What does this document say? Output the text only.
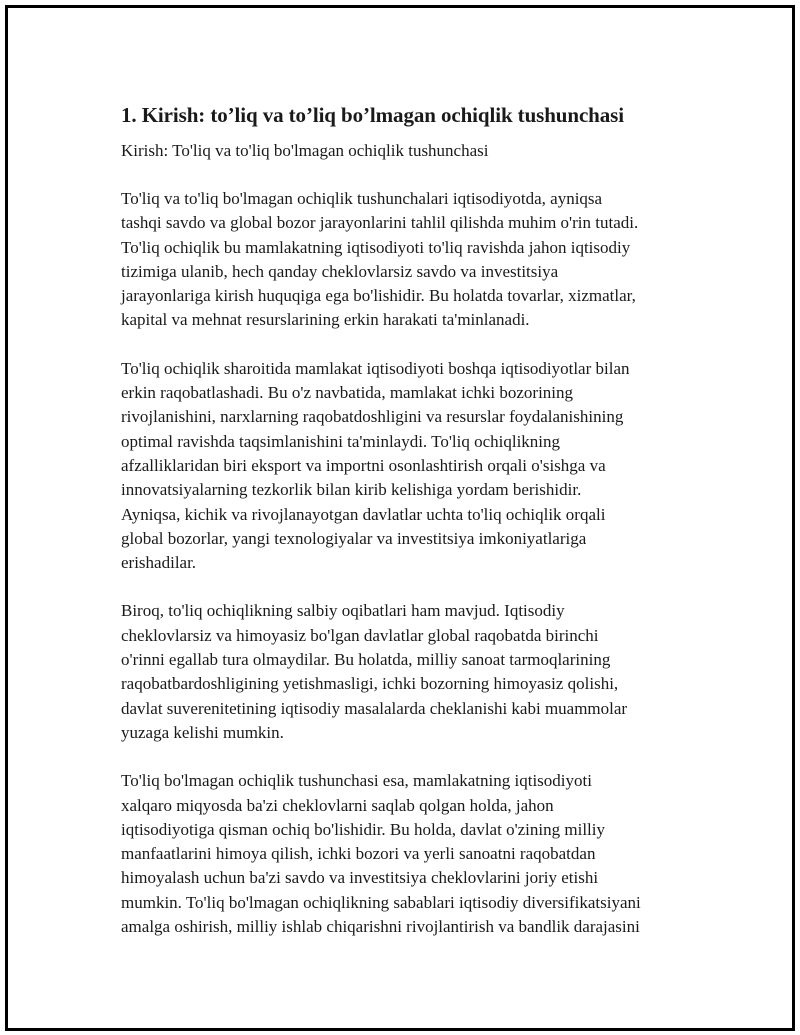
1. Kirish: to’liq va to’liq bo’lmagan ochiqlik tushunchasi

Kirish: To'liq va to'liq bo'lmagan ochiqlik tushunchasi

To'liq va to'liq bo'lmagan ochiqlik tushunchalari iqtisodiyotda, ayniqsa
tashqi savdo va global bozor jarayonlarini tahlil qilishda muhim o'rin tutadi.
To'liq ochiqlik bu mamlakatning iqtisodiyoti to'liq ravishda jahon iqtisodiy
tizimiga ulanib, hech qanday cheklovlarsiz savdo va investitsiya
jarayonlariga kirish huquqiga ega bo'lishidir. Bu holatda tovarlar, xizmatlar,
kapital va mehnat resurslarining erkin harakati ta'minlanadi.

To'liq ochiqlik sharoitida mamlakat iqtisodiyoti boshqa iqtisodiyotlar bilan
erkin raqobatlashadi. Bu o'z navbatida, mamlakat ichki bozorining
rivojlanishini, narxlarning raqobatdoshligini va resurslar foydalanishining
optimal ravishda taqsimlanishini ta'minlaydi. To'liq ochiqlikning
afzalliklaridan biri eksport va importni osonlashtirish orqali o'sishga va
innovatsiyalarning tezkorlik bilan kirib kelishiga yordam berishidir.
Ayniqsa, kichik va rivojlanayotgan davlatlar uchta to'liq ochiqlik orqali
global bozorlar, yangi texnologiyalar va investitsiya imkoniyatlariga
erishadilar.

Biroq, to'liq ochiqlikning salbiy oqibatlari ham mavjud. Iqtisodiy
cheklovlarsiz va himoyasiz bo'lgan davlatlar global raqobatda birinchi
o'rinni egallab tura olmaydilar. Bu holatda, milliy sanoat tarmoqlarining
raqobatbardoshligining yetishmasligi, ichki bozorning himoyasiz qolishi,
davlat suverenitetining iqtisodiy masalalarda cheklanishi kabi muammolar
yuzaga kelishi mumkin.

To'liq bo'lmagan ochiqlik tushunchasi esa, mamlakatning iqtisodiyoti
xalqaro miqyosda ba'zi cheklovlarni saqlab qolgan holda, jahon
iqtisodiyotiga qisman ochiq bo'lishidir. Bu holda, davlat o'zining milliy
manfaatlarini himoya qilish, ichki bozori va yerli sanoatni raqobatdan
himoyalash uchun ba'zi savdo va investitsiya cheklovlarini joriy etishi
mumkin. To'liq bo'lmagan ochiqlikning sabablari iqtisodiy diversifikatsiyani
amalga oshirish, milliy ishlab chiqarishni rivojlantirish va bandlik darajasini
